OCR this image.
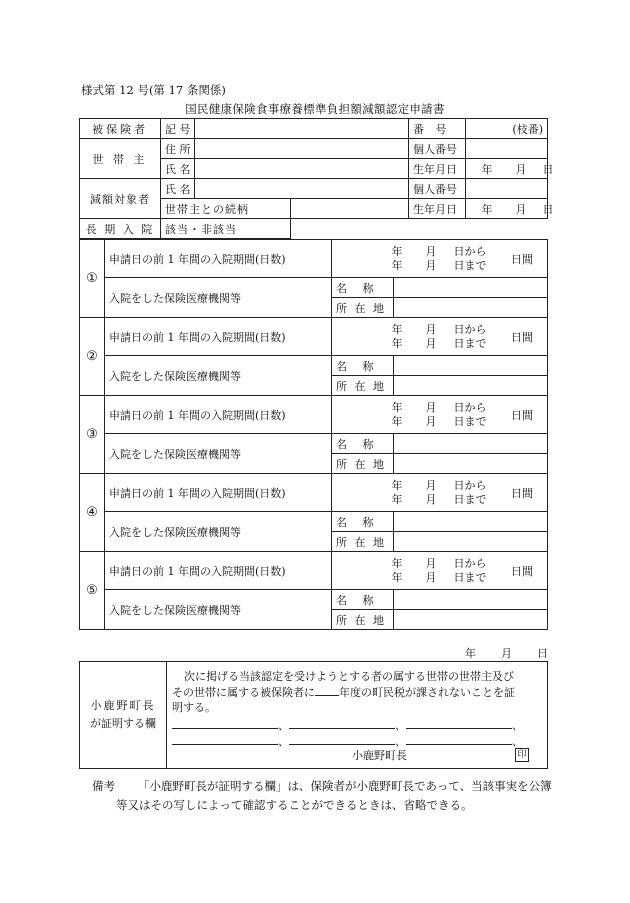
様式第 12 号(第 17 条関係)
国民健康保険食事療養標準負担額減額認定申請書
被保険者	記 号			番 号	(枝番)
世 帯 主	住 所			個人番号	
	氏 名			生年月日	年 月 日
減額対象者	氏 名			個人番号	
	世帯主との続柄			生年月日	年 月 日
長 期 入 院	該当・非該当				
①	申請日の前 1 年間の入院期間(日数)	年 月 日から
年 月 日まで 日間	

	入院をした保険医療機関等	名 称	
		所 在 地	
②	申請日の前 1 年間の入院期間(日数)	年 月 日から
年 月 日まで 日間	

	入院をした保険医療機関等	名 称	
		所 在 地	
③	申請日の前 1 年間の入院期間(日数)	年 月 日から
年 月 日まで 日間	

	入院をした保険医療機関等	名 称	
		所 在 地	
④	申請日の前 1 年間の入院期間(日数)	年 月 日から
年 月 日まで 日間	

	入院をした保険医療機関等	名 称	
		所 在 地	
⑤	申請日の前 1 年間の入院期間(日数)	年 月 日から
年 月 日まで 日間	

	入院をした保険医療機関等	名 称	
		所 在 地	
年 月 日
小鹿野町長
が証明する欄
次に掲げる当該認定を受けようとする者の属する世帯の世帯主及び
その世帯に属する被保険者に 年度の町民税が課されないことを証
明する。
、	、	、
、	、	、
小鹿野町長	印
備考 「小鹿野町長が証明する欄」は、保険者が小鹿野町長であって、当該事実を公簿
等又はその写しによって確認することができるときは、省略できる。
